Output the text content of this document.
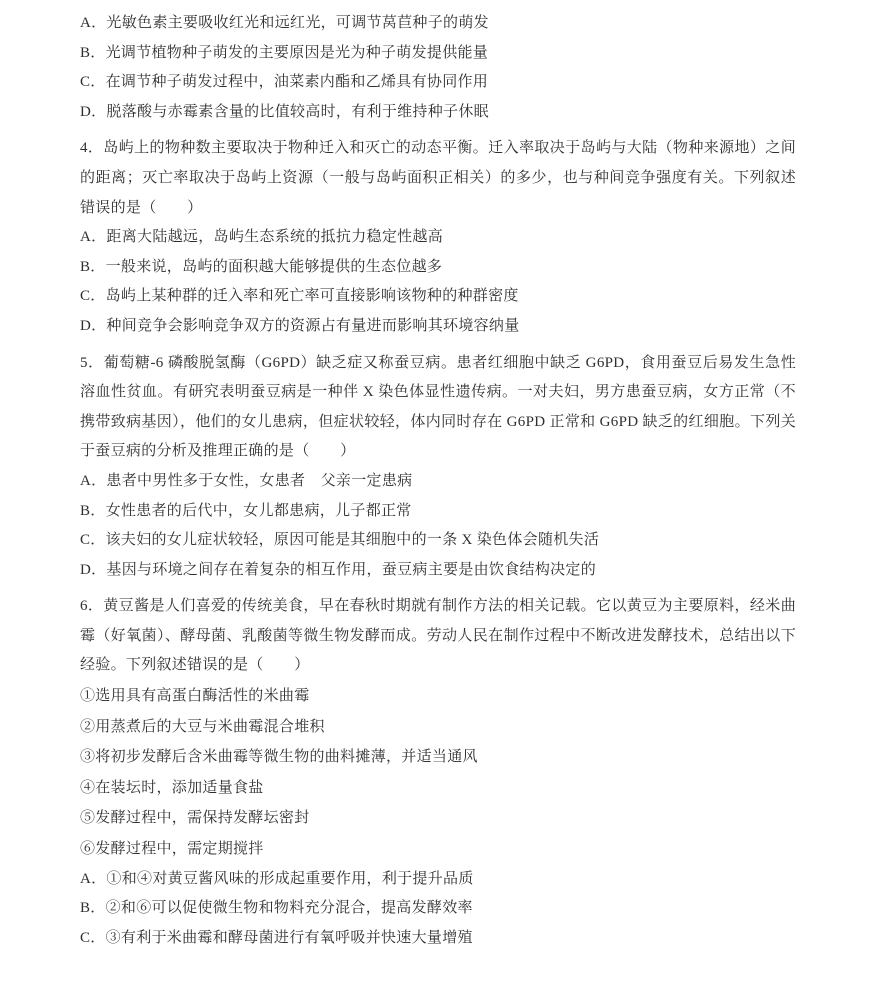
A．光敏色素主要吸收红光和远红光，可调节莴苣种子的萌发

B．光调节植物种子萌发的主要原因是光为种子萌发提供能量

C．在调节种子萌发过程中，油菜素内酯和乙烯具有协同作用

D．脱落酸与赤霉素含量的比值较高时，有利于维持种子休眠

4．岛屿上的物种数主要取决于物种迁入和灭亡的动态平衡。迁入率取决于岛屿与大陆（物种来源地）之间的距离；灭亡率取决于岛屿上资源（一般与岛屿面积正相关）的多少，也与种间竞争强度有关。下列叙述错误的是（　　）

A．距离大陆越远，岛屿生态系统的抵抗力稳定性越高

B．一般来说，岛屿的面积越大能够提供的生态位越多

C．岛屿上某种群的迁入率和死亡率可直接影响该物种的种群密度

D．种间竞争会影响竞争双方的资源占有量进而影响其环境容纳量

5．葡萄糖-6 磷酸脱氢酶（G6PD）缺乏症又称蚕豆病。患者红细胞中缺乏 G6PD，食用蚕豆后易发生急性溶血性贫血。有研究表明蚕豆病是一种伴 X 染色体显性遗传病。一对夫妇，男方患蚕豆病，女方正常（不携带致病基因），他们的女儿患病，但症状较轻，体内同时存在 G6PD 正常和 G6PD 缺乏的红细胞。下列关于蚕豆病的分析及推理正确的是（　　）

A．患者中男性多于女性，女患者　父亲一定患病

B．女性患者的后代中，女儿都患病，儿子都正常

C．该夫妇的女儿症状较轻，原因可能是其细胞中的一条 X 染色体会随机失活

D．基因与环境之间存在着复杂的相互作用，蚕豆病主要是由饮食结构决定的

6．黄豆酱是人们喜爱的传统美食，早在春秋时期就有制作方法的相关记载。它以黄豆为主要原料，经米曲霉（好氧菌）、酵母菌、乳酸菌等微生物发酵而成。劳动人民在制作过程中不断改进发酵技术，总结出以下经验。下列叙述错误的是（　　）

①选用具有高蛋白酶活性的米曲霉

②用蒸煮后的大豆与米曲霉混合堆积

③将初步发酵后含米曲霉等微生物的曲料摊薄，并适当通风

④在装坛时，添加适量食盐

⑤发酵过程中，需保持发酵坛密封

⑥发酵过程中，需定期搅拌

A．①和④对黄豆酱风味的形成起重要作用，利于提升品质

B．②和⑥可以促使微生物和物料充分混合，提高发酵效率

C．③有利于米曲霉和酵母菌进行有氧呼吸并快速大量增殖
